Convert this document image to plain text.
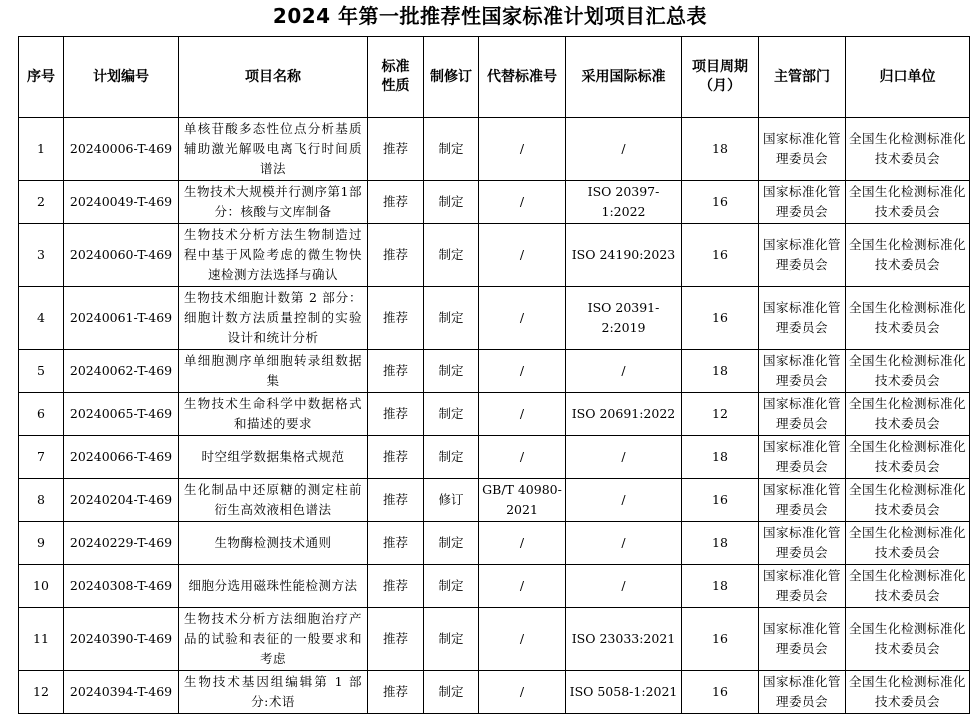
2024 年第一批推荐性国家标准计划项目汇总表
序号	计划编号	项目名称	标准性质	制修订	代替标准号	采用国际标准	项目周期（月）	主管部门	归口单位
1	20240006-T-469	单核苷酸多态性位点分析基质辅助激光解吸电离飞行时间质谱法	推荐	制定	/	/	18	国家标准化管理委员会	全国生化检测标准化技术委员会
2	20240049-T-469	生物技术大规模并行测序第1部分：核酸与文库制备	推荐	制定	/	ISO 20397-1:2022	16	国家标准化管理委员会	全国生化检测标准化技术委员会
3	20240060-T-469	生物技术分析方法生物制造过程中基于风险考虑的微生物快速检测方法选择与确认	推荐	制定	/	ISO 24190:2023	16	国家标准化管理委员会	全国生化检测标准化技术委员会
4	20240061-T-469	生物技术细胞计数第 2 部分：细胞计数方法质量控制的实验设计和统计分析	推荐	制定	/	ISO 20391-2:2019	16	国家标准化管理委员会	全国生化检测标准化技术委员会
5	20240062-T-469	单细胞测序单细胞转录组数据集	推荐	制定	/	/	18	国家标准化管理委员会	全国生化检测标准化技术委员会
6	20240065-T-469	生物技术生命科学中数据格式和描述的要求	推荐	制定	/	ISO 20691:2022	12	国家标准化管理委员会	全国生化检测标准化技术委员会
7	20240066-T-469	时空组学数据集格式规范	推荐	制定	/	/	18	国家标准化管理委员会	全国生化检测标准化技术委员会
8	20240204-T-469	生化制品中还原糖的测定柱前衍生高效液相色谱法	推荐	修订	GB/T 40980-2021	/	16	国家标准化管理委员会	全国生化检测标准化技术委员会
9	20240229-T-469	生物酶检测技术通则	推荐	制定	/	/	18	国家标准化管理委员会	全国生化检测标准化技术委员会
10	20240308-T-469	细胞分选用磁珠性能检测方法	推荐	制定	/	/	18	国家标准化管理委员会	全国生化检测标准化技术委员会
11	20240390-T-469	生物技术分析方法细胞治疗产品的试验和表征的一般要求和考虑	推荐	制定	/	ISO 23033:2021	16	国家标准化管理委员会	全国生化检测标准化技术委员会
12	20240394-T-469	生物技术基因组编辑第 1 部分:术语	推荐	制定	/	ISO 5058-1:2021	16	国家标准化管理委员会	全国生化检测标准化技术委员会
